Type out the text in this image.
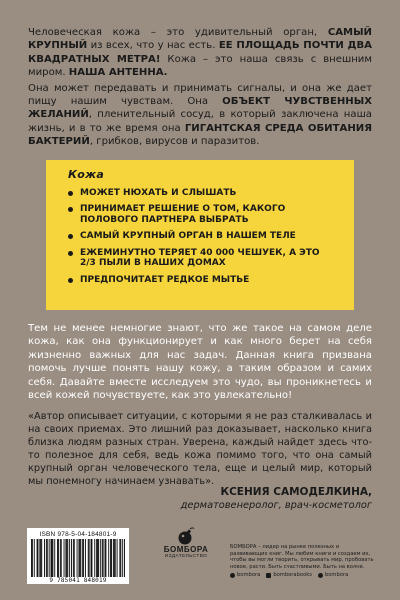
Человеческая кожа – это удивительный орган, САМЫЙ КРУПНЫЙ из всех, что у нас есть. ЕЕ ПЛОЩАДЬ ПОЧТИ ДВА КВАДРАТНЫХ МЕТРА! Кожа – это наша связь с внешним миром. НАША АНТЕННА.

Она может передавать и принимать сигналы, и она же дает пищу нашим чувствам. Она ОБЪЕКТ ЧУВСТВЕННЫХ ЖЕЛАНИЙ, пленительный сосуд, в который заключена наша жизнь, и в то же время она ГИГАНТСКАЯ СРЕДА ОБИТАНИЯ БАКТЕРИЙ, грибков, вирусов и паразитов.

Кожа
МОЖЕТ НЮХАТЬ И СЛЫШАТЬ
ПРИНИМАЕТ РЕШЕНИЕ О ТОМ, КАКОГО ПОЛОВОГО ПАРТНЕРА ВЫБРАТЬ
САМЫЙ КРУПНЫЙ ОРГАН В НАШЕМ ТЕЛЕ
ЕЖЕМИНУТНО ТЕРЯЕТ 40 000 ЧЕШУЕК, А ЭТО 2/3 ПЫЛИ В НАШИХ ДОМАХ
ПРЕДПОЧИТАЕТ РЕДКОЕ МЫТЬЕ

Тем не менее немногие знают, что же такое на самом деле кожа, как она функционирует и как много берет на себя жизненно важных для нас задач. Данная книга призвана помочь лучше понять нашу кожу, а таким образом и самих себя. Давайте вместе исследуем это чудо, вы проникнетесь и всей кожей почувствуете, как это увлекательно!

«Автор описывает ситуации, с которыми я не раз сталкивалась и на своих приемах. Это лишний раз доказывает, насколько книга близка людям разных стран. Уверена, каждый найдет здесь что-то полезное для себя, ведь кожа помимо того, что она самый крупный орган человеческого тела, еще и целый мир, который мы понемногу начинаем узнавать».

КСЕНИЯ САМОДЕЛКИНА,
дерматовенеролог, врач-косметолог
ISBN 978-5-04-184801-9
9 785041 848019
БОМБОРА
ИЗДАТЕЛЬСТВО

БОМБОРА – лидер на рынке полезных и развивающих книг. Мы любим книги и создаем их, чтобы вы могли творить, открывать мир, пробовать новое, расти. Быть счастливыми. Быть на волне.

bombora	bomborabooks	bombora
